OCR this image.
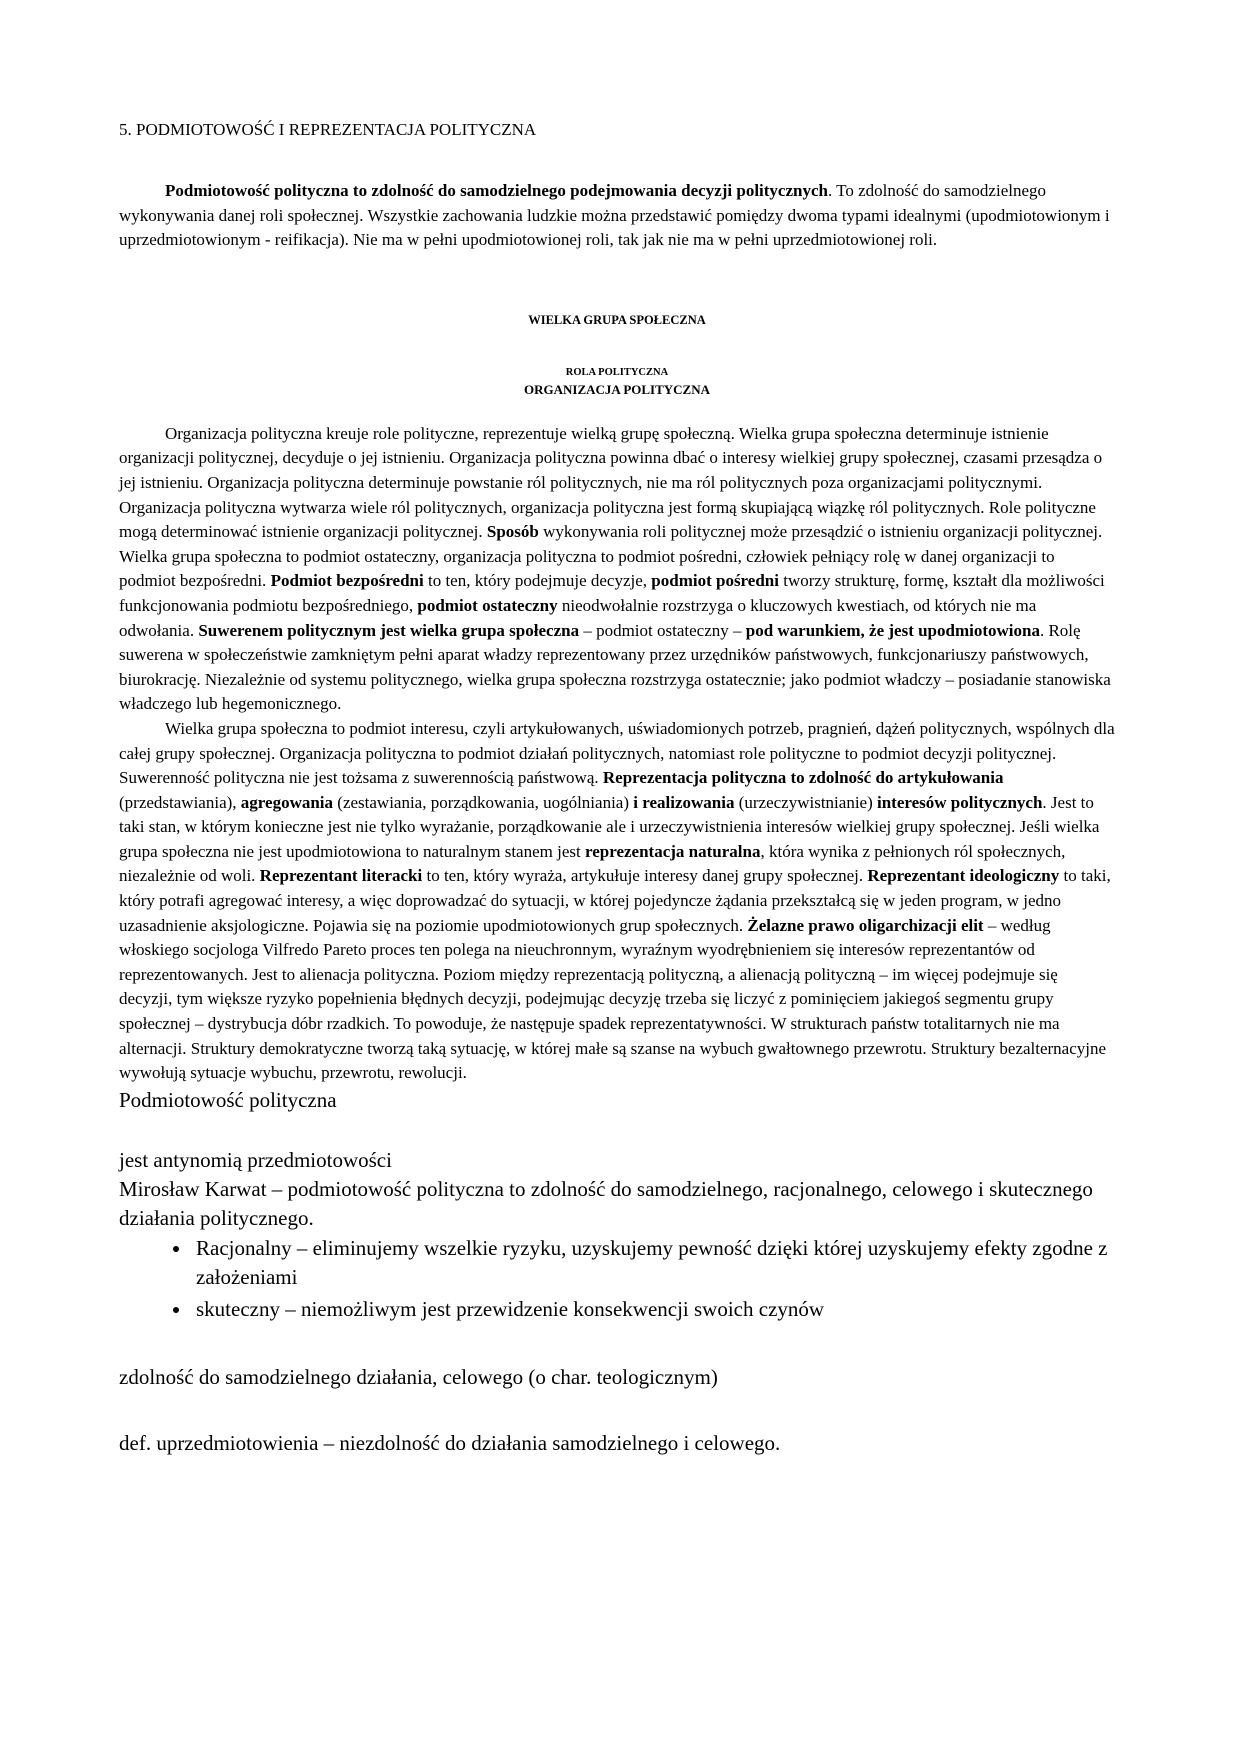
5. PODMIOTOWOŚĆ I REPREZENTACJA POLITYCZNA

Podmiotowość polityczna to zdolność do samodzielnego podejmowania decyzji politycznych. To zdolność do samodzielnego wykonywania danej roli społecznej. Wszystkie zachowania ludzkie można przedstawić pomiędzy dwoma typami idealnymi (upodmiotowionym i uprzedmiotowionym - reifikacja). Nie ma w pełni upodmiotowionej roli, tak jak nie ma w pełni uprzedmiotowionej roli.

WIELKA GRUPA SPOŁECZNA
ROLA POLITYCZNA
ORGANIZACJA POLITYCZNA

Organizacja polityczna kreuje role polityczne, reprezentuje wielką grupę społeczną. Wielka grupa społeczna determinuje istnienie organizacji politycznej, decyduje o jej istnieniu. Organizacja polityczna powinna dbać o interesy wielkiej grupy społecznej, czasami przesądza o jej istnieniu. Organizacja polityczna determinuje powstanie ról politycznych, nie ma ról politycznych poza organizacjami politycznymi. Organizacja polityczna wytwarza wiele ról politycznych, organizacja polityczna jest formą skupiającą wiązkę ról politycznych. Role polityczne mogą determinować istnienie organizacji politycznej. Sposób wykonywania roli politycznej może przesądzić o istnieniu organizacji politycznej. Wielka grupa społeczna to podmiot ostateczny, organizacja polityczna to podmiot pośredni, człowiek pełniący rolę w danej organizacji to podmiot bezpośredni. Podmiot bezpośredni to ten, który podejmuje decyzje, podmiot pośredni tworzy strukturę, formę, kształt dla możliwości funkcjonowania podmiotu bezpośredniego, podmiot ostateczny nieodwołalnie rozstrzyga o kluczowych kwestiach, od których nie ma odwołania. Suwerenem politycznym jest wielka grupa społeczna – podmiot ostateczny – pod warunkiem, że jest upodmiotowiona. Rolę suwerena w społeczeństwie zamkniętym pełni aparat władzy reprezentowany przez urzędników państwowych, funkcjonariuszy państwowych, biurokrację. Niezależnie od systemu politycznego, wielka grupa społeczna rozstrzyga ostatecznie; jako podmiot władczy – posiadanie stanowiska władczego lub hegemonicznego.

Wielka grupa społeczna to podmiot interesu, czyli artykułowanych, uświadomionych potrzeb, pragnień, dążeń politycznych, wspólnych dla całej grupy społecznej. Organizacja polityczna to podmiot działań politycznych, natomiast role polityczne to podmiot decyzji politycznej. Suwerenność polityczna nie jest tożsama z suwerennością państwową. Reprezentacja polityczna to zdolność do artykułowania (przedstawiania), agregowania (zestawiania, porządkowania, uogólniania) i realizowania (urzeczywistnianie) interesów politycznych. Jest to taki stan, w którym konieczne jest nie tylko wyrażanie, porządkowanie ale i urzeczywistnienia interesów wielkiej grupy społecznej. Jeśli wielka grupa społeczna nie jest upodmiotowiona to naturalnym stanem jest reprezentacja naturalna, która wynika z pełnionych ról społecznych, niezależnie od woli. Reprezentant literacki to ten, który wyraża, artykułuje interesy danej grupy społecznej. Reprezentant ideologiczny to taki, który potrafi agregować interesy, a więc doprowadzać do sytuacji, w której pojedyncze żądania przekształcą się w jeden program, w jedno uzasadnienie aksjologiczne. Pojawia się na poziomie upodmiotowionych grup społecznych. Żelazne prawo oligarchizacji elit – według włoskiego socjologa Vilfredo Pareto proces ten polega na nieuchronnym, wyraźnym wyodrębnieniem się interesów reprezentantów od reprezentowanych. Jest to alienacja polityczna. Poziom między reprezentacją polityczną, a alienacją polityczną – im więcej podejmuje się decyzji, tym większe ryzyko popełnienia błędnych decyzji, podejmując decyzję trzeba się liczyć z pominięciem jakiegoś segmentu grupy społecznej – dystrybucja dóbr rzadkich. To powoduje, że następuje spadek reprezentatywności. W strukturach państw totalitarnych nie ma alternacji. Struktury demokratyczne tworzą taką sytuację, w której małe są szanse na wybuch gwałtownego przewrotu. Struktury bezalternacyjne wywołują sytuacje wybuchu, przewrotu, rewolucji.

Podmiotowość polityczna

jest antynomią przedmiotowości

Mirosław Karwat – podmiotowość polityczna to zdolność do samodzielnego, racjonalnego, celowego i skutecznego działania politycznego.

• Racjonalny – eliminujemy wszelkie ryzyku, uzyskujemy pewność dzięki której uzyskujemy efekty zgodne z założeniami
• skuteczny – niemożliwym jest przewidzenie konsekwencji swoich czynów

zdolność do samodzielnego działania, celowego (o char. teologicznym)

def. uprzedmiotowienia – niezdolność do działania samodzielnego i celowego.
